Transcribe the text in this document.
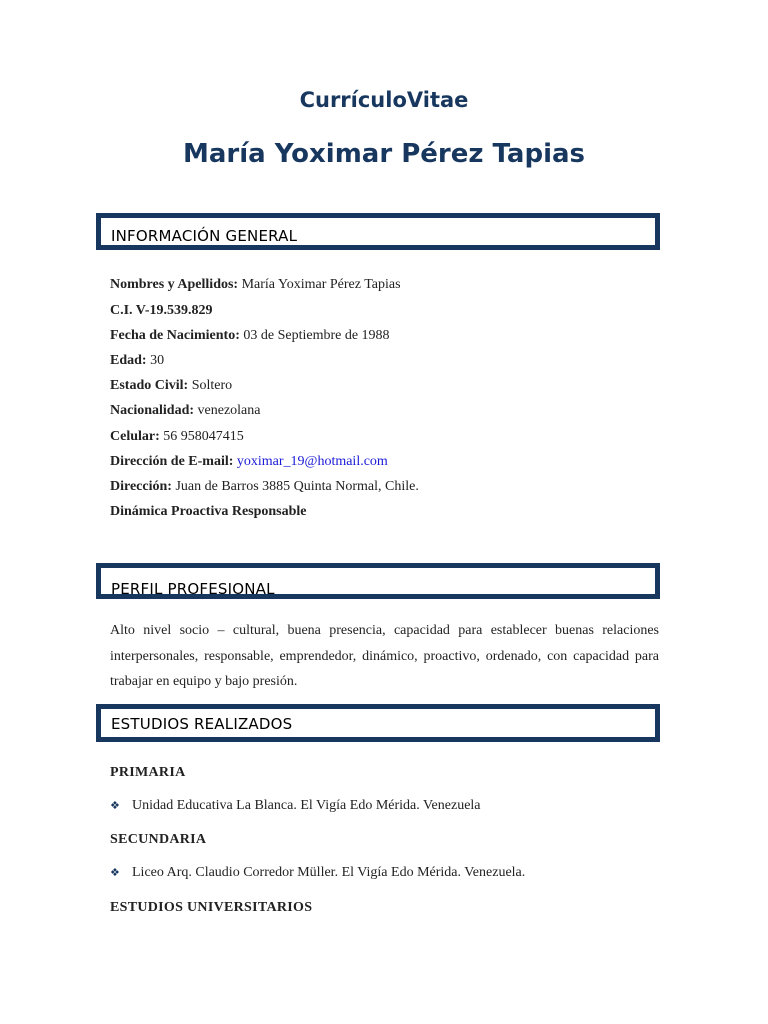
CurrículoVitae
María Yoximar Pérez Tapias
INFORMACIÓN GENERAL
Nombres y Apellidos: María Yoximar Pérez Tapias
C.I. V-19.539.829
Fecha de Nacimiento: 03 de Septiembre de 1988
Edad: 30
Estado Civil: Soltero
Nacionalidad: venezolana
Celular: 56 958047415
Dirección de E-mail: yoximar_19@hotmail.com
Dirección: Juan de Barros 3885 Quinta Normal, Chile.
Dinámica Proactiva Responsable
PERFIL PROFESIONAL
Alto nivel socio – cultural, buena presencia, capacidad para establecer buenas relaciones interpersonales, responsable, emprendedor, dinámico, proactivo, ordenado, con capacidad para trabajar en equipo y bajo presión.
ESTUDIOS REALIZADOS
PRIMARIA
❖ Unidad Educativa La Blanca. El Vigía Edo Mérida. Venezuela
SECUNDARIA
❖ Liceo Arq. Claudio Corredor Müller. El Vigía Edo Mérida. Venezuela.
ESTUDIOS UNIVERSITARIOS
